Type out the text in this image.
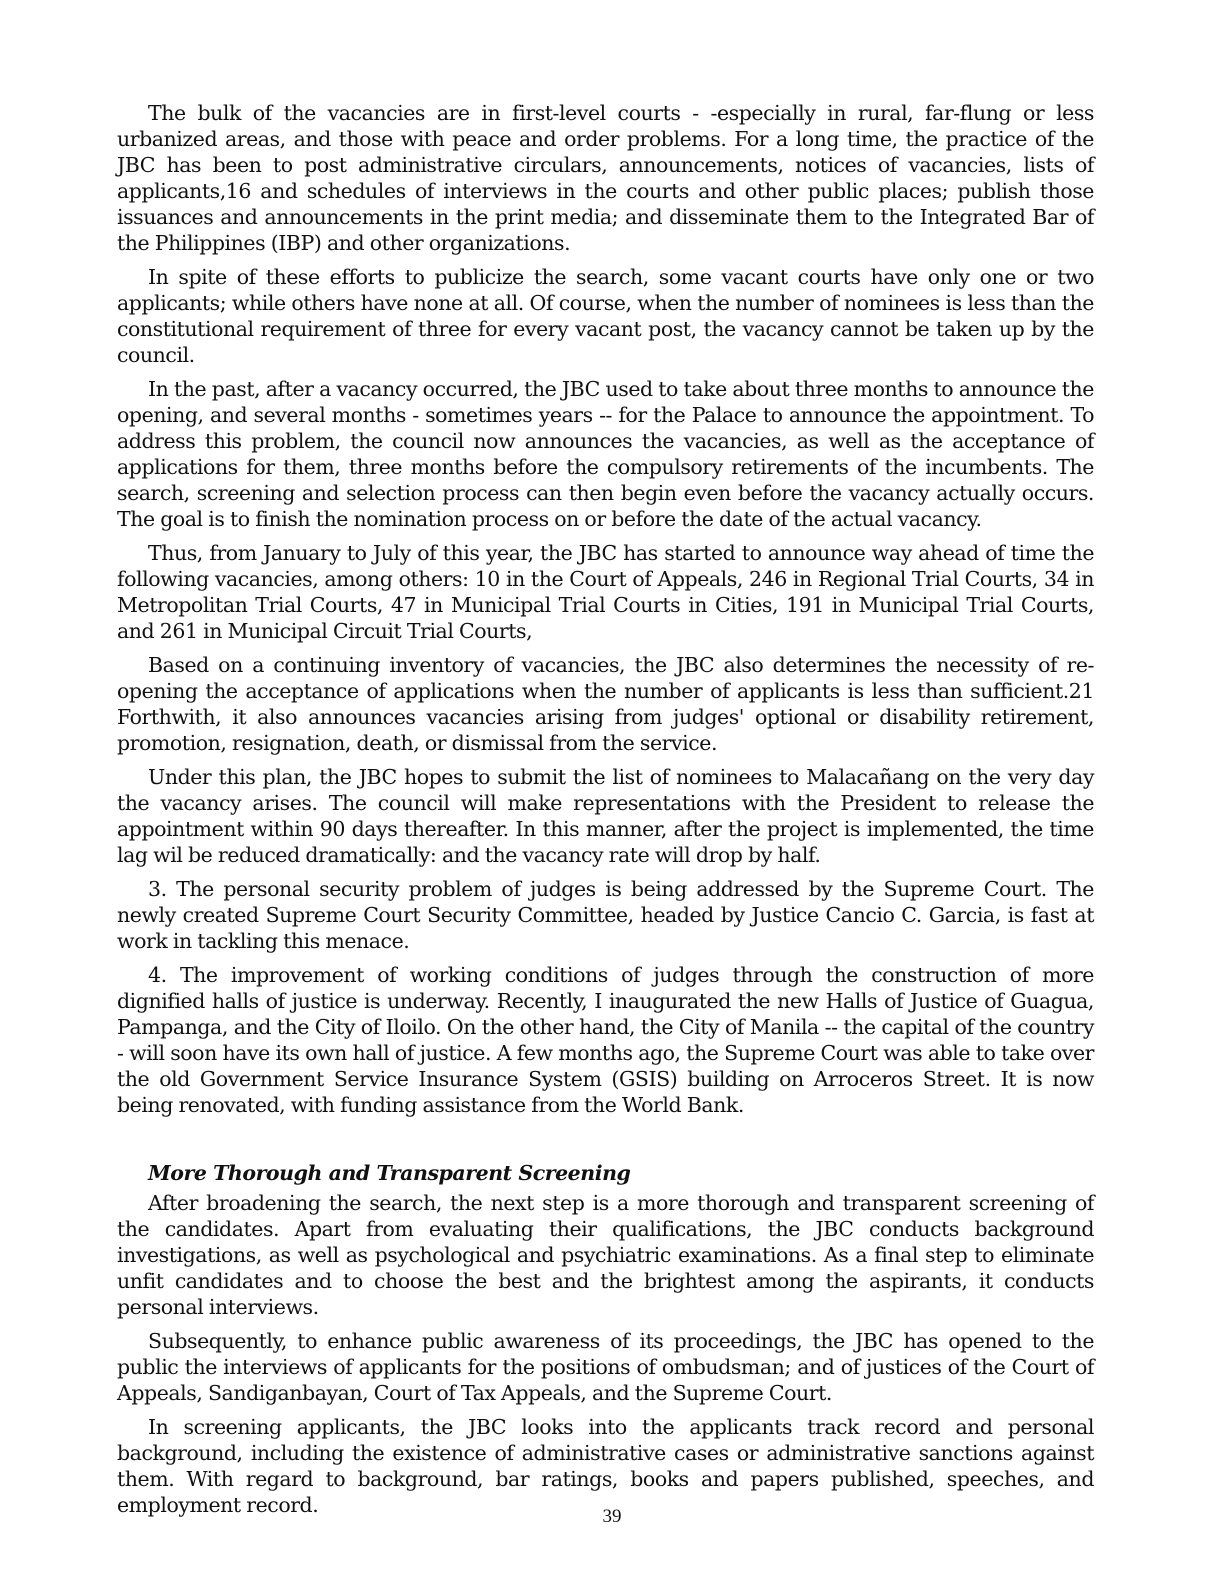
The bulk of the vacancies are in first-level courts - -especially in rural, far-flung or less urbanized areas, and those with peace and order problems. For a long time, the practice of the JBC has been to post administrative circulars, announcements, notices of vacancies, lists of applicants,16 and schedules of interviews in the courts and other public places; publish those issuances and announcements in the print media; and disseminate them to the Integrated Bar of the Philippines (IBP) and other organizations.

In spite of these efforts to publicize the search, some vacant courts have only one or two applicants; while others have none at all. Of course, when the number of nominees is less than the constitutional requirement of three for every vacant post, the vacancy cannot be taken up by the council.

In the past, after a vacancy occurred, the JBC used to take about three months to announce the opening, and several months - sometimes years -- for the Palace to announce the appointment. To address this problem, the council now announces the vacancies, as well as the acceptance of applications for them, three months before the compulsory retirements of the incumbents. The search, screening and selection process can then begin even before the vacancy actually occurs. The goal is to finish the nomination process on or before the date of the actual vacancy.

Thus, from January to July of this year, the JBC has started to announce way ahead of time the following vacancies, among others: 10 in the Court of Appeals, 246 in Regional Trial Courts, 34 in Metropolitan Trial Courts, 47 in Municipal Trial Courts in Cities, 191 in Municipal Trial Courts, and 261 in Municipal Circuit Trial Courts,

Based on a continuing inventory of vacancies, the JBC also determines the necessity of re-opening the acceptance of applications when the number of applicants is less than sufficient.21 Forthwith, it also announces vacancies arising from judges' optional or disability retirement, promotion, resignation, death, or dismissal from the service.

Under this plan, the JBC hopes to submit the list of nominees to Malacañang on the very day the vacancy arises. The council will make representations with the President to release the appointment within 90 days thereafter. In this manner, after the project is implemented, the time lag wil be reduced dramatically: and the vacancy rate will drop by half.

3. The personal security problem of judges is being addressed by the Supreme Court. The newly created Supreme Court Security Committee, headed by Justice Cancio C. Garcia, is fast at work in tackling this menace.

4. The improvement of working conditions of judges through the construction of more dignified halls of justice is underway. Recently, I inaugurated the new Halls of Justice of Guagua, Pampanga, and the City of Iloilo. On the other hand, the City of Manila -- the capital of the country - will soon have its own hall of justice. A few months ago, the Supreme Court was able to take over the old Government Service Insurance System (GSIS) building on Arroceros Street. It is now being renovated, with funding assistance from the World Bank.

More Thorough and Transparent Screening

After broadening the search, the next step is a more thorough and transparent screening of the candidates. Apart from evaluating their qualifications, the JBC conducts background investigations, as well as psychological and psychiatric examinations. As a final step to eliminate unfit candidates and to choose the best and the brightest among the aspirants, it conducts personal interviews.

Subsequently, to enhance public awareness of its proceedings, the JBC has opened to the public the interviews of applicants for the positions of ombudsman; and of justices of the Court of Appeals, Sandiganbayan, Court of Tax Appeals, and the Supreme Court.

In screening applicants, the JBC looks into the applicants track record and personal background, including the existence of administrative cases or administrative sanctions against them. With regard to background, bar ratings, books and papers published, speeches, and employment record.	39
